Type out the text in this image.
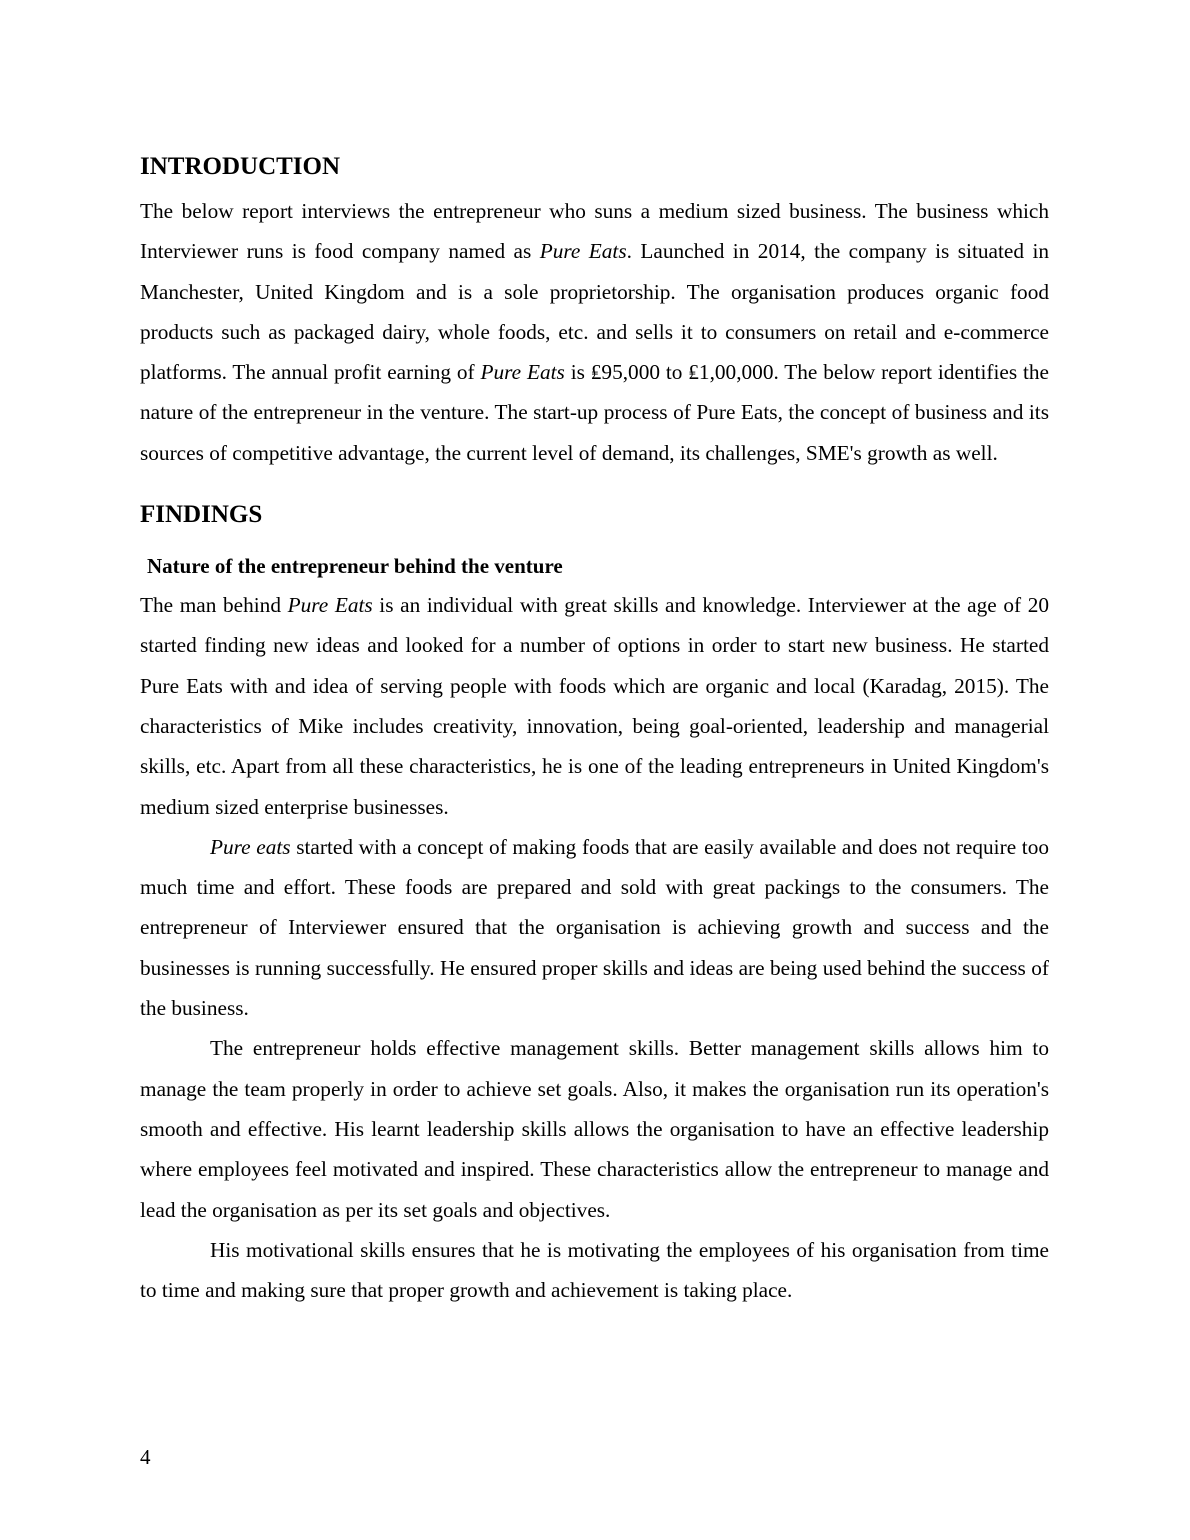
INTRODUCTION

The below report interviews the entrepreneur who suns a medium sized business. The business which Interviewer runs is food company named as Pure Eats. Launched in 2014, the company is situated in Manchester, United Kingdom and is a sole proprietorship. The organisation produces organic food products such as packaged dairy, whole foods, etc. and sells it to consumers on retail and e-commerce platforms. The annual profit earning of Pure Eats is ₤95,000 to ₤1,00,000. The below report identifies the nature of the entrepreneur in the venture. The start-up process of Pure Eats, the concept of business and its sources of competitive advantage, the current level of demand, its challenges, SME's growth as well.

FINDINGS
Nature of the entrepreneur behind the venture

The man behind Pure Eats is an individual with great skills and knowledge. Interviewer at the age of 20 started finding new ideas and looked for a number of options in order to start new business. He started Pure Eats with and idea of serving people with foods which are organic and local (Karadag, 2015). The characteristics of Mike includes creativity, innovation, being goal-oriented, leadership and managerial skills, etc. Apart from all these characteristics, he is one of the leading entrepreneurs in United Kingdom's medium sized enterprise businesses.

Pure eats started with a concept of making foods that are easily available and does not require too much time and effort. These foods are prepared and sold with great packings to the consumers. The entrepreneur of Interviewer ensured that the organisation is achieving growth and success and the businesses is running successfully. He ensured proper skills and ideas are being used behind the success of the business.

The entrepreneur holds effective management skills. Better management skills allows him to manage the team properly in order to achieve set goals. Also, it makes the organisation run its operation's smooth and effective. His learnt leadership skills allows the organisation to have an effective leadership where employees feel motivated and inspired. These characteristics allow the entrepreneur to manage and lead the organisation as per its set goals and objectives.

His motivational skills ensures that he is motivating the employees of his organisation from time to time and making sure that proper growth and achievement is taking place.

4
